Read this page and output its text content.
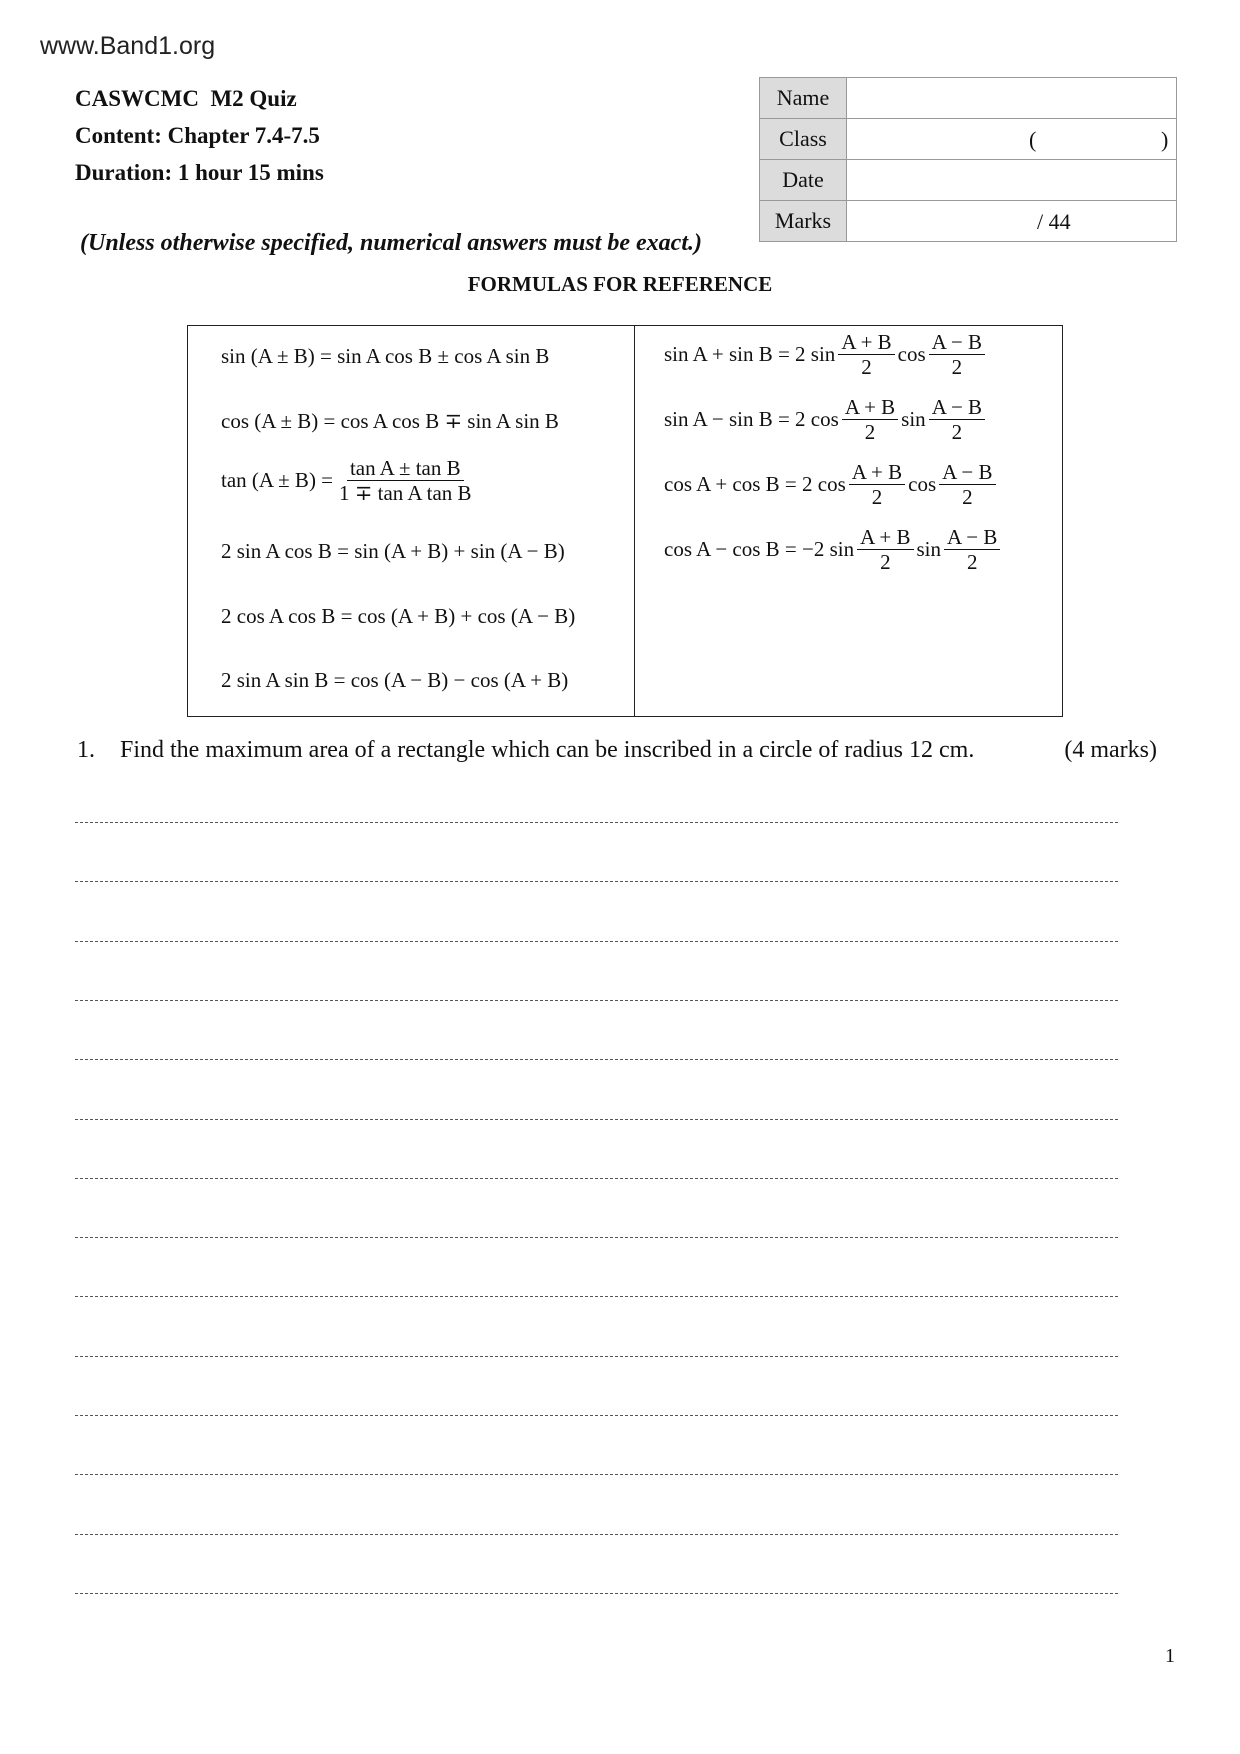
www.Band1.org
CASWCMC  M2 Quiz
Content: Chapter 7.4-7.5
Duration: 1 hour 15 mins
Name	
Class	( )

Date	
Marks	/ 44
(Unless otherwise specified, numerical answers must be exact.)
FORMULAS FOR REFERENCE
sin (A ± B) = sin A cos B ± cos A sin B
cos (A ± B) = cos A cos B ∓ sin A sin B
$\tan (A \pm B) = \frac{\text{tan A ± tan B}}{\text{1 ∓ tan A tan B}}$
2 sin A cos B = sin (A + B) + sin (A − B)
2 cos A cos B = cos (A + B) + cos (A − B)
2 sin A sin B = cos (A − B) − cos (A + B)
sin A + sin B = 2 $\sin \frac{A + B}{2}$ $\cos \frac{A - B}{2}$
sin A − sin B = 2 $\cos \frac{A + B}{2}$ $\sin \frac{A - B}{2}$
cos A + cos B = 2 $\cos \frac{A + B}{2}$ $\cos \frac{A - B}{2}$
cos A − cos B = −2 $\sin \frac{A + B}{2}$ $\sin \frac{A - B}{2}$
1. Find the maximum area of a rectangle which can be inscribed in a circle of radius 12 cm.	(4 marks)
1
